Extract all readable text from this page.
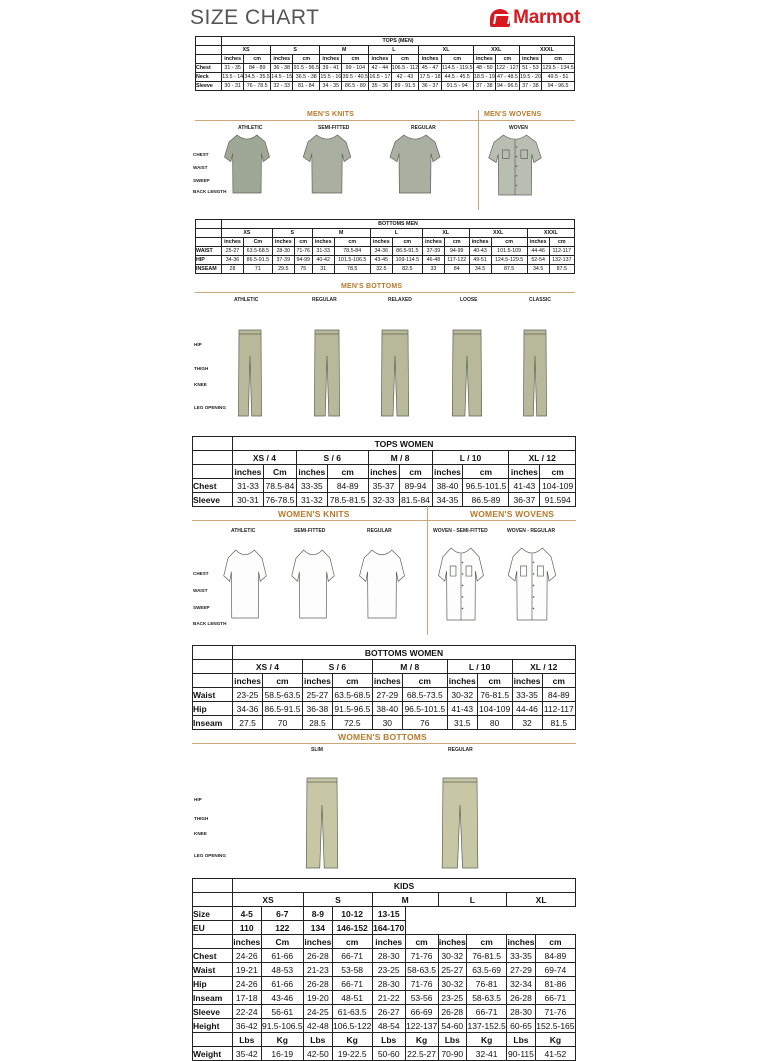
SIZE CHART	Marmot
	TOPS (MEN)													
	XS		S		M		L		XL		XXL		XXXL	
	inches	cm	inches	cm	inches	cm	inches	cm	inches	cm	inches	cm	inches	cm
Chest	31 - 35	84 - 89	36 - 38	91.5 - 96.5	39 - 41	99 - 104	42 - 44	106.5 - 112	45 - 47	114.5 - 119.5	48 - 50	122 - 127	51 - 53	129.5 - 134.5
Neck	13.5 - 14	34.5 - 35.5	14.5 - 15	36.5 - 38	15.5 - 16	39.5 - 40.5	16.5 - 17	42 - 43	17.5 - 18	44.5 - 45.5	18.5 - 19	47 - 48.5	19.5 - 20	49.5 - 51
Sleeve	30 - 31	76 - 78.5	32 - 33	81 - 84	34 - 35	86.5 - 89	35 - 36	89 - 91.5	36 - 37	91.5 - 94	37 - 38	94 - 96.5	37 - 38	94 - 96.5
MEN'S KNITS	MEN'S WOVENS
ATHLETIC	SEMI-FITTED	REGULAR	WOVEN
CHEST
WAIST
SWEEP
BACK LENGTH
	BOTTOMS MEN													
	XS		S		M		L		XL		XXL		XXXL	
	inches	Cm	inches	cm	inches	cm	inches	cm	inches	cm	inches	cm	inches	cm
WAIST	25-27	63.5-68.5	28-30	71-76	31-33	78.5-84	34-36	86.5-91.5	37-39	94-99	40-43	101.5-109	44-46	112-117
HIP	34-36	86.5-91.5	37-39	94-99	40-42	101.5-106.5	43-45	109-114.5	46-48	117-122	49-51	124.5-129.5	52-54	132-137
INSEAM	28	71	29.5	75	31	78.5	32.5	82.5	33	84	34.5	87.5	34.5	87.5
MEN'S BOTTOMS
ATHLETIC	REGULAR	RELAXED	LOOSE	CLASSIC
HIP
THIGH
KNEE
LEG OPENING
	TOPS WOMEN									
	XS / 4		S / 6		M / 8		L / 10		XL / 12	
	inches	Cm	inches	cm	inches	cm	inches	cm	inches	cm
Chest	31-33	78.5-84	33-35	84-89	35-37	89-94	38-40	96.5-101.5	41-43	104-109
Sleeve	30-31	76-78.5	31-32	78.5-81.5	32-33	81.5-84	34-35	86.5-89	36-37	91.594
WOMEN'S KNITS	WOMEN'S WOVENS
ATHLETIC	SEMI-FITTED	REGULAR	WOVEN - SEMI-FITTED	WOVEN - REGULAR
CHEST
WAIST
SWEEP
BACK LENGTH
	BOTTOMS WOMEN									
	XS / 4		S / 6		M / 8		L / 10		XL / 12	
	inches	cm	inches	cm	inches	cm	inches	cm	inches	cm
Waist	23-25	58.5-63.5	25-27	63.5-68.5	27-29	68.5-73.5	30-32	76-81.5	33-35	84-89
Hip	34-36	86.5-91.5	36-38	91.5-96.5	38-40	96.5-101.5	41-43	104-109	44-46	112-117
Inseam	27.5	70	28.5	72.5	30	76	31.5	80	32	81.5
WOMEN'S BOTTOMS
SLIM	REGULAR
HIP
THIGH
KNEE
LEG OPENING
	KIDS									
	XS		S		M		L		XL	
Size	4-5	6-7	8-9	10-12	13-15					
EU	110	122	134	146-152	164-170					
	inches	Cm	inches	cm	inches	cm	inches	cm	inches	cm
Chest	24-26	61-66	26-28	66-71	28-30	71-76	30-32	76-81.5	33-35	84-89
Waist	19-21	48-53	21-23	53-58	23-25	58-63.5	25-27	63.5-69	27-29	69-74
Hip	24-26	61-66	26-28	66-71	28-30	71-76	30-32	76-81	32-34	81-86
Inseam	17-18	43-46	19-20	48-51	21-22	53-56	23-25	58-63.5	26-28	66-71
Sleeve	22-24	56-61	24-25	61-63.5	26-27	66-69	26-28	66-71	28-30	71-76
Height	36-42	91.5-106.5	42-48	106.5-122	48-54	122-137	54-60	137-152.5	60-65	152.5-165
	Lbs	Kg	Lbs	Kg	Lbs	Kg	Lbs	Kg	Lbs	Kg
Weight	35-42	16-19	42-50	19-22.5	50-60	22.5-27	70-90	32-41	90-115	41-52
